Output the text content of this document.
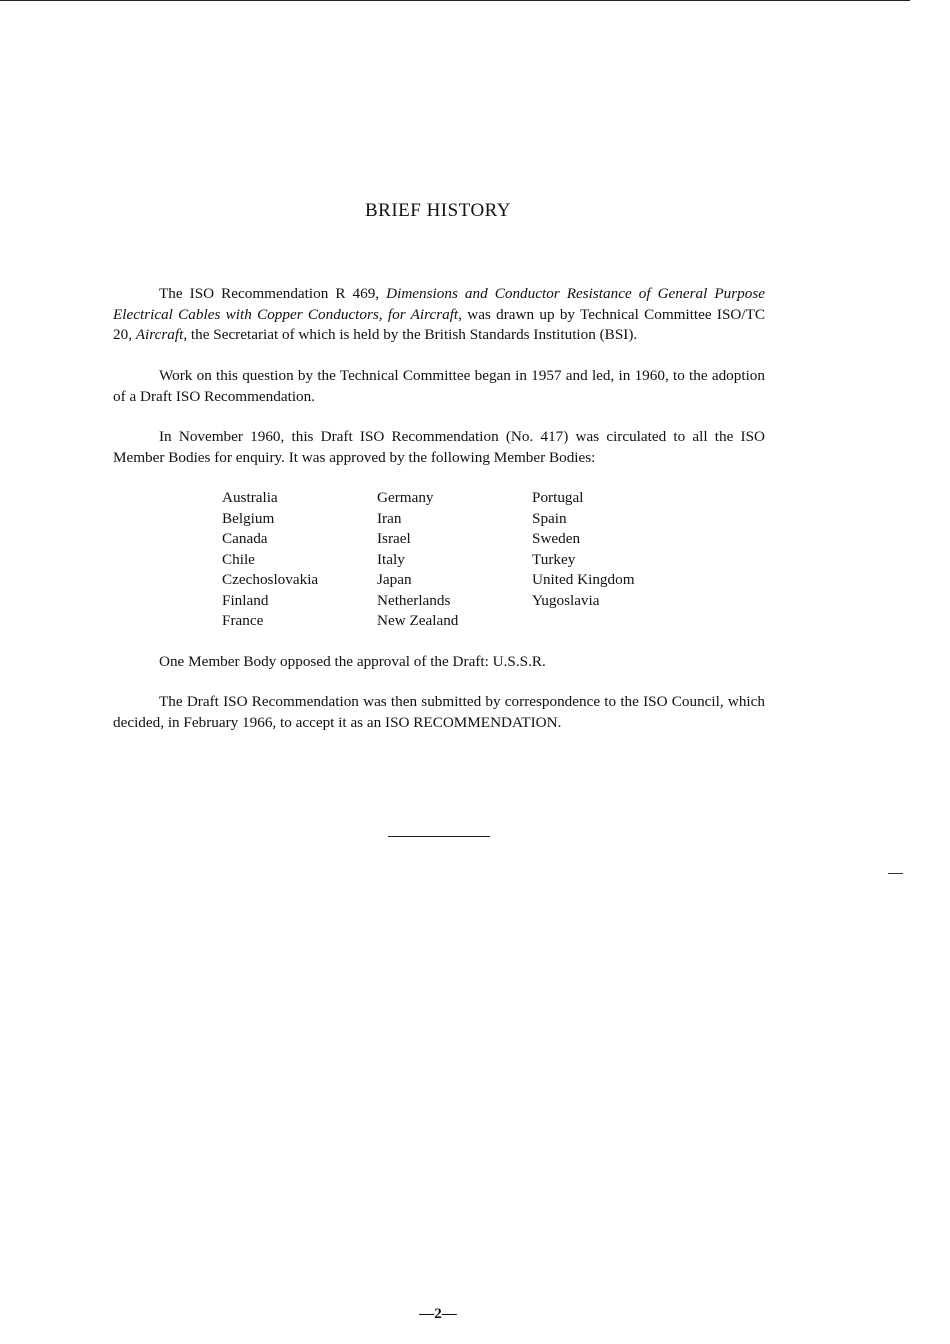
BRIEF HISTORY

The ISO Recommendation R 469, Dimensions and Conductor Resistance of General Purpose Electrical Cables with Copper Conductors, for Aircraft, was drawn up by Technical Committee ISO/TC 20, Aircraft, the Secretariat of which is held by the British Standards Institution (BSI).

Work on this question by the Technical Committee began in 1957 and led, in 1960, to the adoption of a Draft ISO Recommendation.

In November 1960, this Draft ISO Recommendation (No. 417) was circulated to all the ISO Member Bodies for enquiry. It was approved by the following Member Bodies:

Australia
Belgium
Canada
Chile
Czechoslovakia
Finland
France
Germany
Iran
Israel
Italy
Japan
Netherlands
New Zealand
Portugal
Spain
Sweden
Turkey
United Kingdom
Yugoslavia

One Member Body opposed the approval of the Draft: U.S.S.R.

The Draft ISO Recommendation was then submitted by correspondence to the ISO Council, which decided, in February 1966, to accept it as an ISO RECOMMENDATION.

—2—
